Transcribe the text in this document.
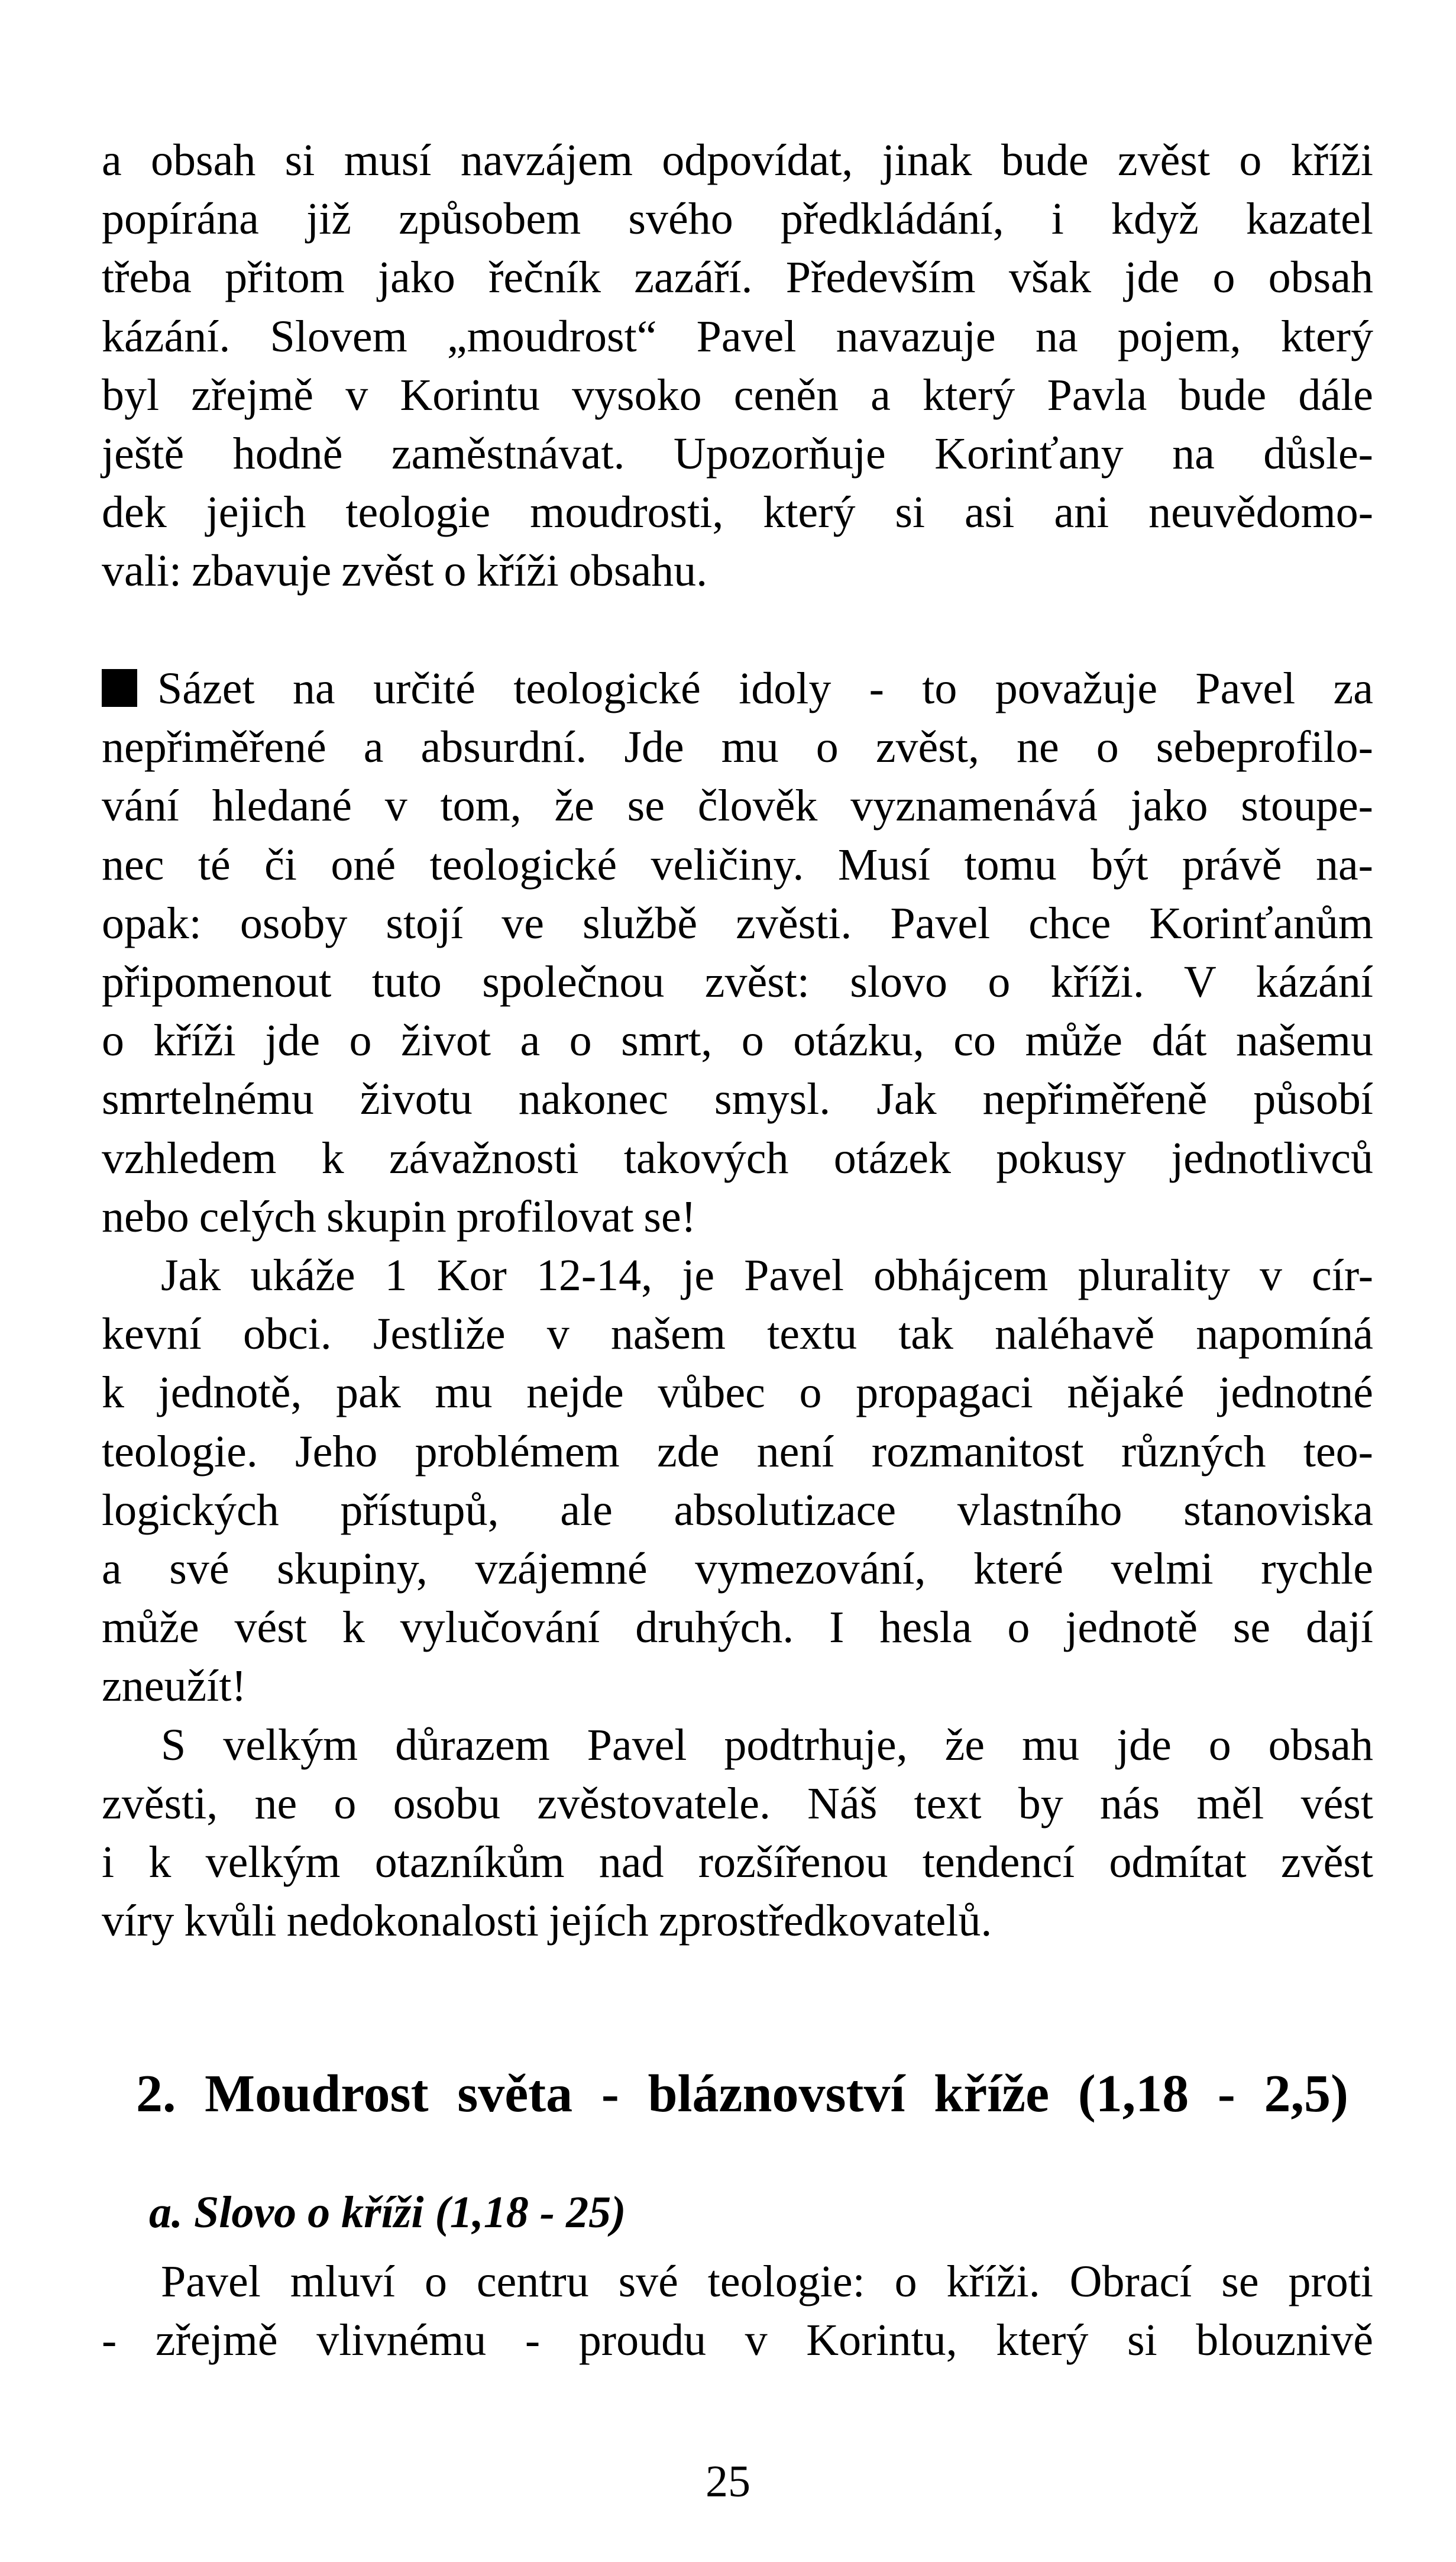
a obsah si musí navzájem odpovídat, jinak bude zvěst o kříži
popírána již způsobem svého předkládání, i když kazatel
třeba přitom jako řečník zazáří. Především však jde o obsah
kázání. Slovem „moudrost“ Pavel navazuje na pojem, který
byl zřejmě v Korintu vysoko ceněn a který Pavla bude dále
ještě hodně zaměstnávat. Upozorňuje Korinťany na důsle-
dek jejich teologie moudrosti, který si asi ani neuvědomo-
vali: zbavuje zvěst o kříži obsahu.
Sázet na určité teologické idoly - to považuje Pavel za
nepřiměřené a absurdní. Jde mu o zvěst, ne o sebeprofilo-
vání hledané v tom, že se člověk vyznamenává jako stoupe-
nec té či oné teologické veličiny. Musí tomu být právě na-
opak: osoby stojí ve službě zvěsti. Pavel chce Korinťanům
připomenout tuto společnou zvěst: slovo o kříži. V kázání
o kříži jde o život a o smrt, o otázku, co může dát našemu
smrtelnému životu nakonec smysl. Jak nepřiměřeně působí
vzhledem k závažnosti takových otázek pokusy jednotlivců
nebo celých skupin profilovat se!
Jak ukáže 1 Kor 12-14, je Pavel obhájcem plurality v cír-
kevní obci. Jestliže v našem textu tak naléhavě napomíná
k jednotě, pak mu nejde vůbec o propagaci nějaké jednotné
teologie. Jeho problémem zde není rozmanitost různých teo-
logických přístupů, ale absolutizace vlastního stanoviska
a své skupiny, vzájemné vymezování, které velmi rychle
může vést k vylučování druhých. I hesla o jednotě se dají
zneužít!
S velkým důrazem Pavel podtrhuje, že mu jde o obsah
zvěsti, ne o osobu zvěstovatele. Náš text by nás měl vést
i k velkým otazníkům nad rozšířenou tendencí odmítat zvěst
víry kvůli nedokonalosti jejích zprostředkovatelů.
2. Moudrost světa - bláznovství kříže (1,18 - 2,5)
a. Slovo o kříži (1,18 - 25)
Pavel mluví o centru své teologie: o kříži. Obrací se proti
- zřejmě vlivnému - proudu v Korintu, který si blouznivě
25
